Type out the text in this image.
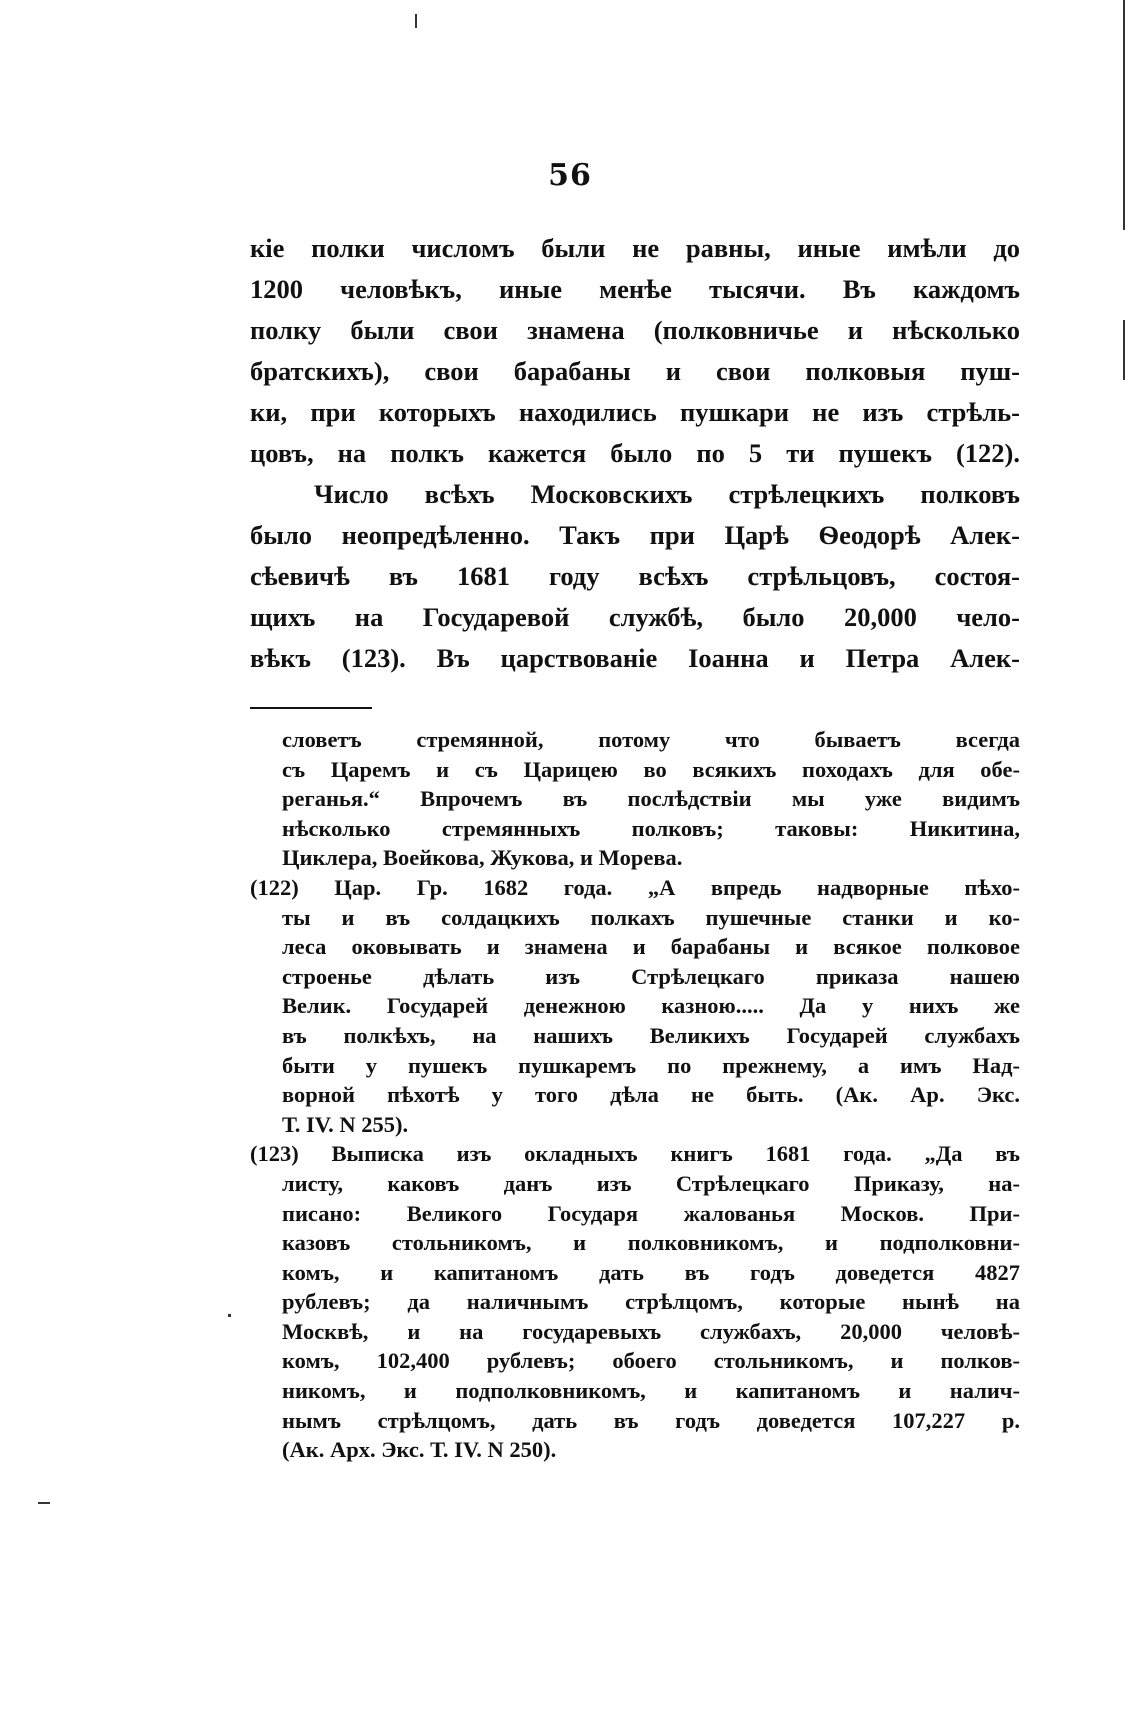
56
кіе полки числомъ были не равны, иные имѣли до
1200 человѣкъ, иные менѣе тысячи. Въ каждомъ
полку были свои знамена (полковничье и нѣсколько
братскихъ), свои барабаны и свои полковыя пуш-
ки, при которыхъ находились пушкари не изъ стрѣль-
цовъ, на полкъ кажется было по 5 ти пушекъ (122).
Число всѣхъ Московскихъ стрѣлецкихъ полковъ
было неопредѣленно. Такъ при Царѣ Ѳеодорѣ Алек-
сѣевичѣ въ 1681 году всѣхъ стрѣльцовъ, состоя-
щихъ на Государевой службѣ, было 20,000 чело-
вѣкъ (123). Въ царствованіе Іоанна и Петра Алек-
словетъ стремянной, потому что бываетъ всегда
съ Царемъ и съ Царицею во всякихъ походахъ для обе-
реганья.“ Впрочемъ въ послѣдствіи мы уже видимъ
нѣсколько стремянныхъ полковъ; таковы: Никитина,
Циклера, Воейкова, Жукова, и Морева.
(122) Цар. Гр. 1682 года. „А впредь надворные пѣхо-
ты и въ солдацкихъ полкахъ пушечные станки и ко-
леса оковывать и знамена и барабаны и всякое полковое
строенье дѣлать изъ Стрѣлецкаго приказа нашею
Велик. Государей денежною казною..... Да у нихъ же
въ полкѣхъ, на нашихъ Великихъ Государей службахъ
быти у пушекъ пушкаремъ по прежнему, а имъ Над-
ворной пѣхотѣ у того дѣла не быть. (Ак. Ар. Экс.
Т. IV. N 255).
(123) Выписка изъ окладныхъ книгъ 1681 года. „Да въ
листу, каковъ данъ изъ Стрѣлецкаго Приказу, на-
писано: Великого Государя жалованья Москов. При-
казовъ стольникомъ, и полковникомъ, и подполковни-
комъ, и капитаномъ дать въ годъ доведется 4827
рублевъ; да наличнымъ стрѣлцомъ, которые нынѣ на
Москвѣ, и на государевыхъ службахъ, 20,000 человѣ-
комъ, 102,400 рублевъ; обоего стольникомъ, и полков-
никомъ, и подполковникомъ, и капитаномъ и налич-
нымъ стрѣлцомъ, дать въ годъ доведется 107,227 р.
(Ак. Арх. Экс. Т. IV. N 250).
